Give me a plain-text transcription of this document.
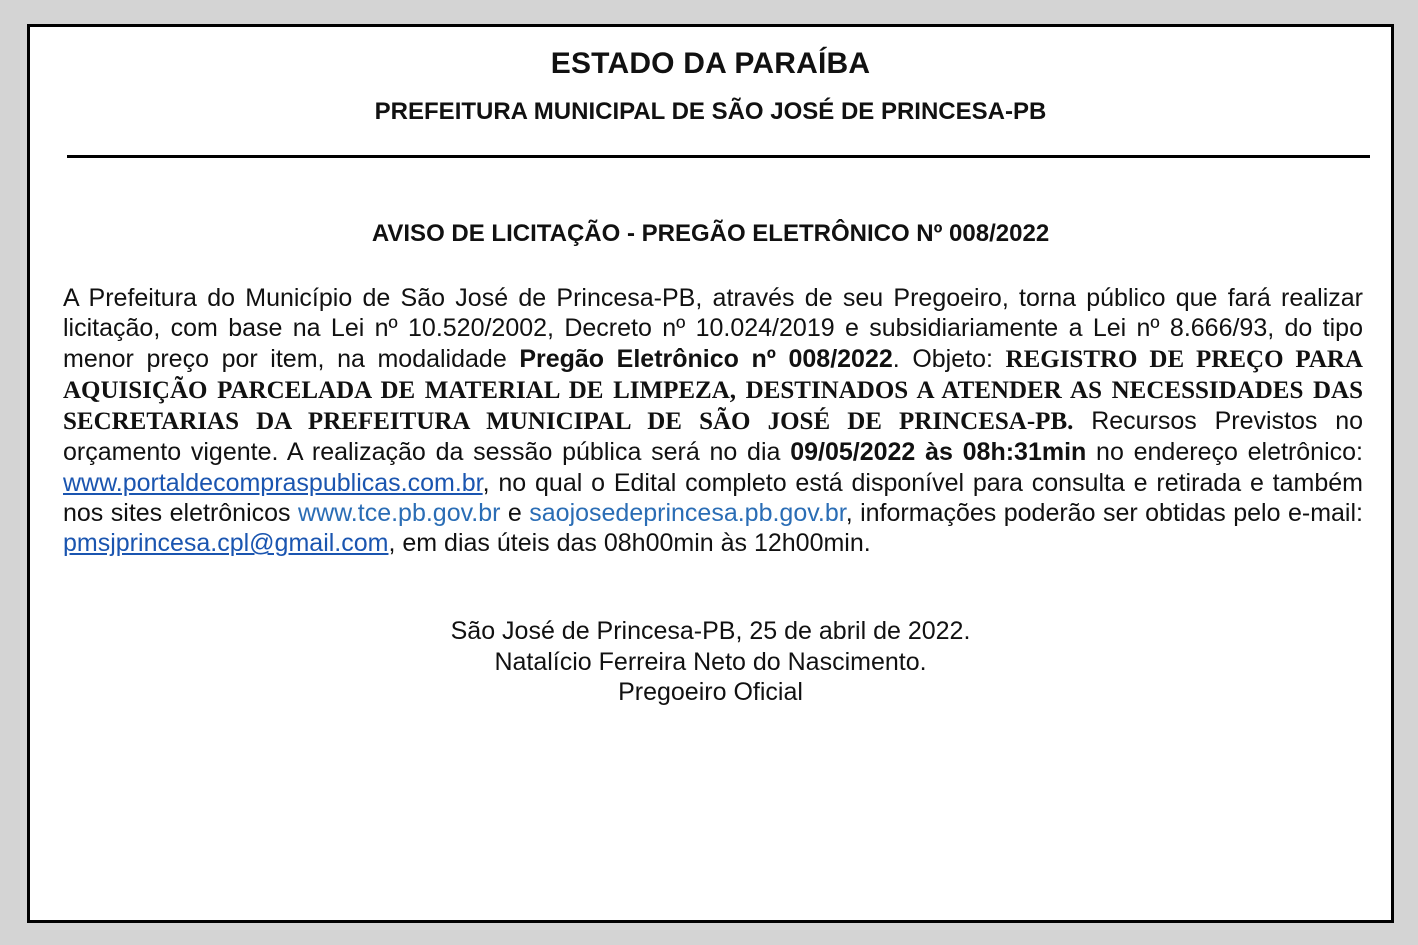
ESTADO DA PARAÍBA
PREFEITURA MUNICIPAL DE SÃO JOSÉ DE PRINCESA-PB
AVISO DE LICITAÇÃO - PREGÃO ELETRÔNICO Nº 008/2022

A Prefeitura do Município de São José de Princesa-PB, através de seu Pregoeiro, torna público que fará realizar licitação, com base na Lei nº 10.520/2002, Decreto nº 10.024/2019 e subsidiariamente a Lei nº 8.666/93, do tipo menor preço por item, na modalidade Pregão Eletrônico nº 008/2022. Objeto: REGISTRO DE PREÇO PARA AQUISIÇÃO PARCELADA DE MATERIAL DE LIMPEZA, DESTINADOS A ATENDER AS NECESSIDADES DAS SECRETARIAS DA PREFEITURA MUNICIPAL DE SÃO JOSÉ DE PRINCESA-PB. Recursos Previstos no orçamento vigente. A realização da sessão pública será no dia 09/05/2022 às 08h:31min no endereço eletrônico: www.portaldecompraspublicas.com.br, no qual o Edital completo está disponível para consulta e retirada e também nos sites eletrônicos www.tce.pb.gov.br e saojosedeprincesa.pb.gov.br, informações poderão ser obtidas pelo e-mail: pmsjprincesa.cpl@gmail.com, em dias úteis das 08h00min às 12h00min.

São José de Princesa-PB, 25 de abril de 2022.
Natalício Ferreira Neto do Nascimento.
Pregoeiro Oficial
